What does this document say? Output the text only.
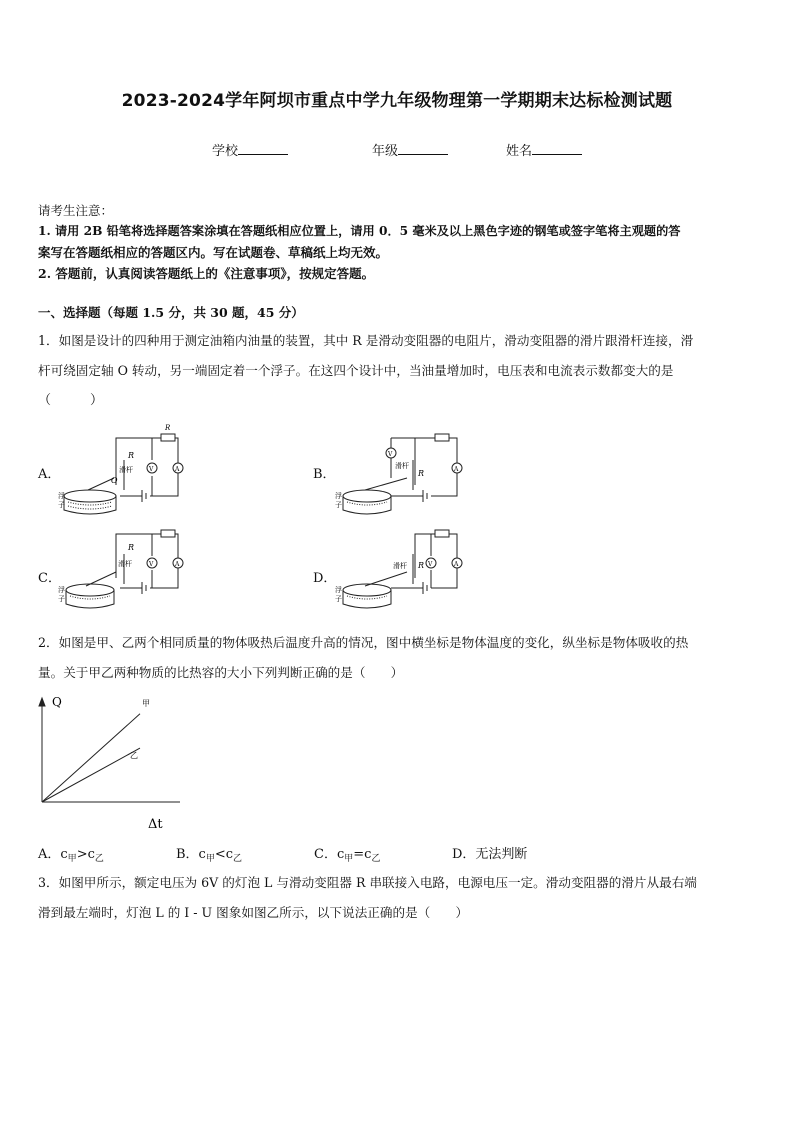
2023-2024学年阿坝市重点中学九年级物理第一学期期末达标检测试题
学校	年级	姓名
请考生注意：
1. 请用 2B 铅笔将选择题答案涂填在答题纸相应位置上，请用 0．5 毫米及以上黑色字迹的钢笔或签字笔将主观题的答
案写在答题纸相应的答题区内。写在试题卷、草稿纸上均无效。
2. 答题前，认真阅读答题纸上的《注意事项》，按规定答题。
一、选择题（每题 1.5 分，共 30 题，45 分）
1．如图是设计的四种用于测定油箱内油量的装置，其中 R 是滑动变阻器的电阻片，滑动变阻器的滑片跟滑杆连接，滑
杆可绕固定轴 O 转动，另一端固定着一个浮子。在这四个设计中，当油量增加时，电压表和电流表示数都变大的是
（　　　）
A．	B．
C．	D．
R
R
滑杆
O
浮
子
V	A	R
滑杆
浮
子
V
A
R
滑杆
浮
子
V	A	R
滑杆
浮
子
V	A
2．如图是甲、乙两个相同质量的物体吸热后温度升高的情况，图中横坐标是物体温度的变化，纵坐标是物体吸收的热
量。关于甲乙两种物质的比热容的大小下列判断正确的是（　　）
Q
Δt
甲
乙
A．$c_甲>c_乙$	B．$c_甲<c_乙$	C．$c_甲=c_乙$	D．无法判断
3．如图甲所示，额定电压为 6V 的灯泡 L 与滑动变阻器 R 串联接入电路，电源电压一定。滑动变阻器的滑片从最右端
滑到最左端时，灯泡 L 的 I - U 图象如图乙所示，以下说法正确的是（　　）
